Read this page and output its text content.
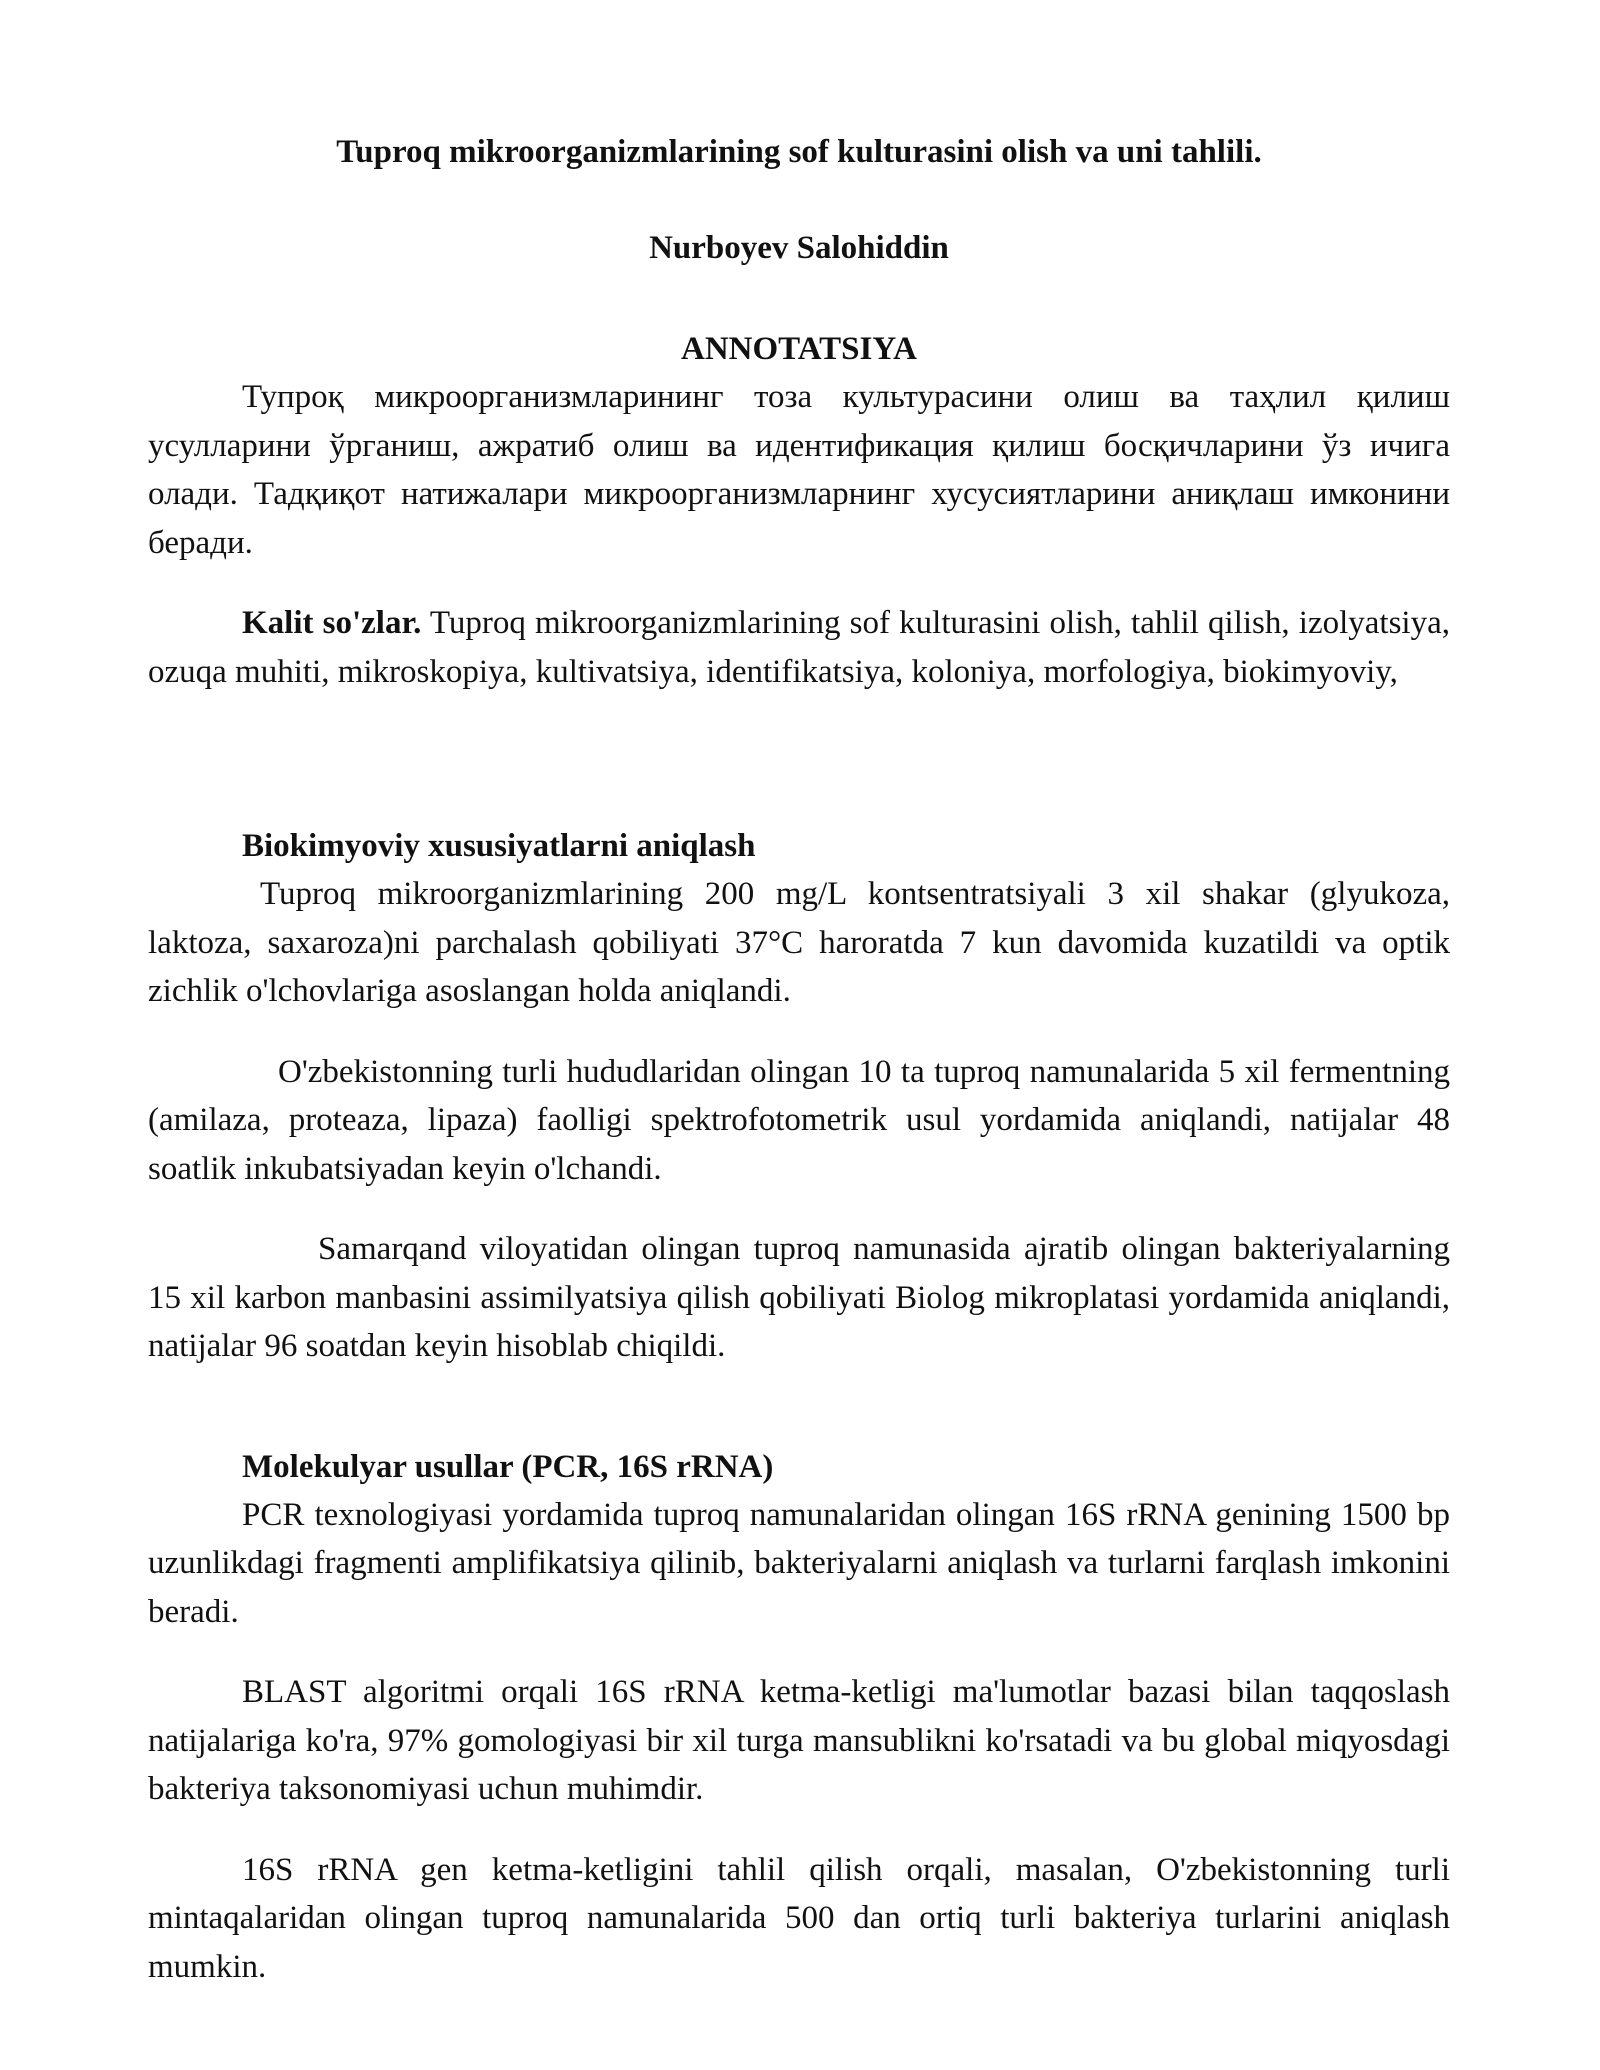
Tuproq mikroorganizmlarining sof kulturasini olish va uni tahlili.
Nurboyev Salohiddin
ANNOTATSIYA

Тупроқ микроорганизмларининг тоза культурасини олиш ва таҳлил қилиш усулларини ўрганиш, ажратиб олиш ва идентификация қилиш босқичларини ўз ичига олади. Тадқиқот натижалари микроорганизмларнинг хусусиятларини аниқлаш имконини беради.

Kalit so'zlar. Tuproq mikroorganizmlarining sof kulturasini olish, tahlil qilish, izolyatsiya, ozuqa muhiti, mikroskopiya, kultivatsiya, identifikatsiya, koloniya, morfologiya, biokimyoviy,

Biokimyoviy xususiyatlarni aniqlash

Tuproq mikroorganizmlarining 200 mg/L kontsentratsiyali 3 xil shakar (glyukoza, laktoza, saxaroza)ni parchalash qobiliyati 37°C haroratda 7 kun davomida kuzatildi va optik zichlik o'lchovlariga asoslangan holda aniqlandi.

O'zbekistonning turli hududlaridan olingan 10 ta tuproq namunalarida 5 xil fermentning (amilaza, proteaza, lipaza) faolligi spektrofotometrik usul yordamida aniqlandi, natijalar 48 soatlik inkubatsiyadan keyin o'lchandi.

Samarqand viloyatidan olingan tuproq namunasida ajratib olingan bakteriyalarning 15 xil karbon manbasini assimilyatsiya qilish qobiliyati Biolog mikroplatasi yordamida aniqlandi, natijalar 96 soatdan keyin hisoblab chiqildi.

Molekulyar usullar (PCR, 16S rRNA)

PCR texnologiyasi yordamida tuproq namunalaridan olingan 16S rRNA genining 1500 bp uzunlikdagi fragmenti amplifikatsiya qilinib, bakteriyalarni aniqlash va turlarni farqlash imkonini beradi.

BLAST algoritmi orqali 16S rRNA ketma-ketligi ma'lumotlar bazasi bilan taqqoslash natijalariga ko'ra, 97% gomologiyasi bir xil turga mansublikni ko'rsatadi va bu global miqyosdagi bakteriya taksonomiyasi uchun muhimdir.

16S rRNA gen ketma-ketligini tahlil qilish orqali, masalan, O'zbekistonning turli mintaqalaridan olingan tuproq namunalarida 500 dan ortiq turli bakteriya turlarini aniqlash mumkin.
